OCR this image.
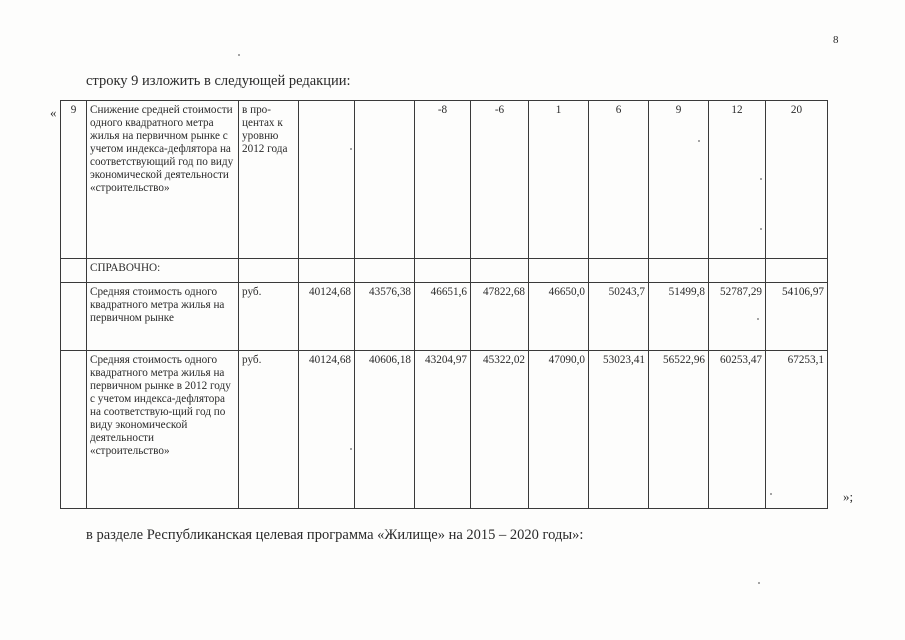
8
строку 9 изложить в следующей редакции:
« 9	Снижение средней стоимости одного квадратного метра жилья на первичном рынке с учетом индекса-дефлятора на соответствующий год по виду экономической деятельности «строительство»	в про-центах к уровню 2012 года			-8	-6	1	6	9	12	20
	СПРАВОЧНО:										
	Средняя стоимость одного квадратного метра жилья на первичном рынке	руб.	40124,68	43576,38	46651,6	47822,68	46650,0	50243,7	51499,8	52787,29	54106,97
	Средняя стоимость одного квадратного метра жилья на первичном рынке в 2012 году с учетом индекса-дефлятора на соответствую-щий год по виду экономической деятельности «строительство»	руб.	40124,68	40606,18	43204,97	45322,02	47090,0	53023,41	56522,96	60253,47	67253,1
»;
в разделе Республиканская целевая программа «Жилище» на 2015 – 2020 годы»:
